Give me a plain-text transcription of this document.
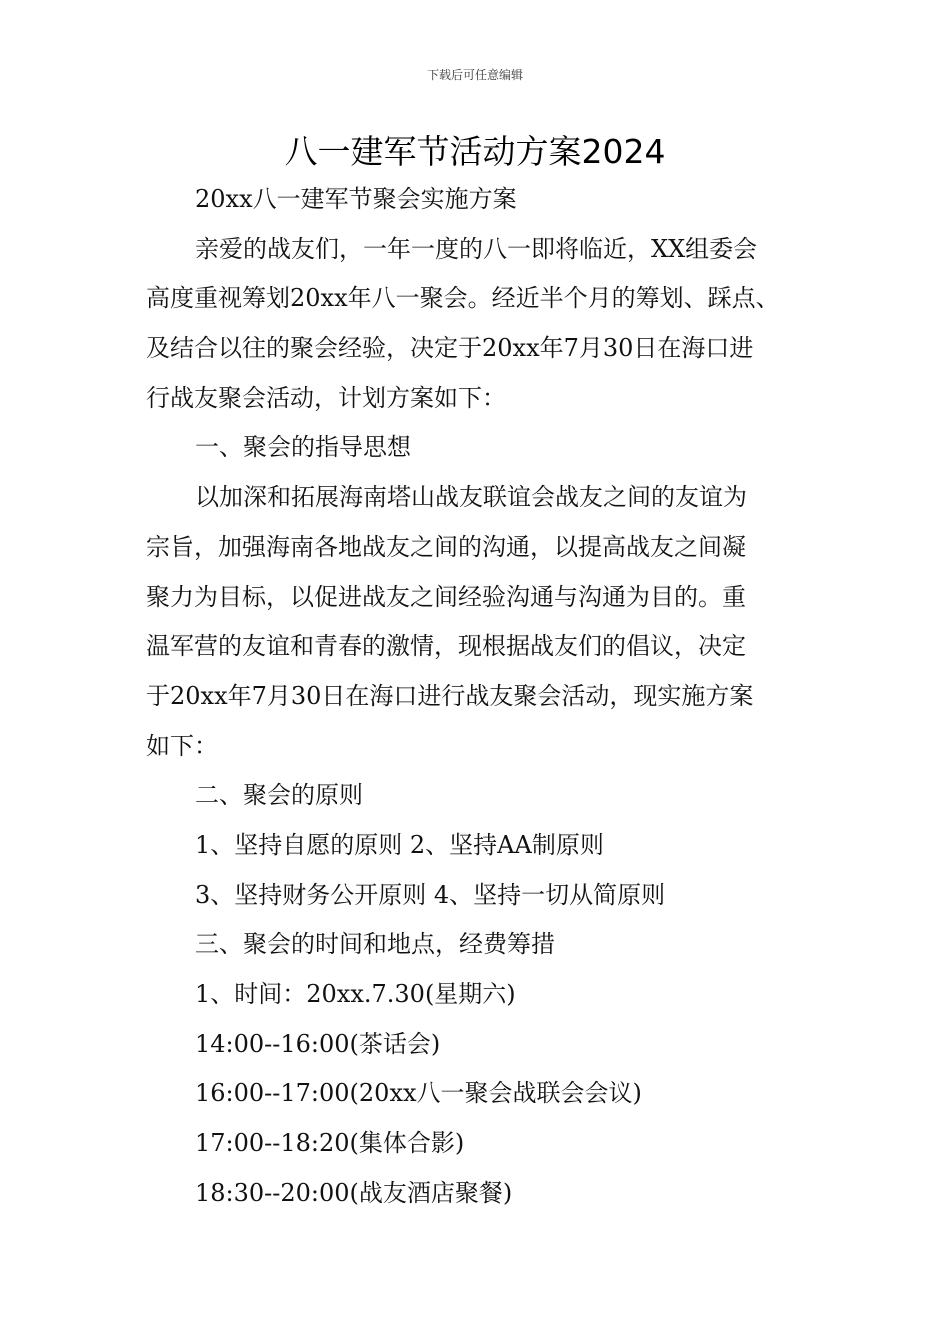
下载后可任意编辑
八一建军节活动方案2024
20xx八一建军节聚会实施方案
亲爱的战友们，一年一度的八一即将临近，XX组委会
高度重视筹划20xx年八一聚会。经近半个月的筹划、踩点、
及结合以往的聚会经验，决定于20xx年7月30日在海口进
行战友聚会活动，计划方案如下：
一、聚会的指导思想
以加深和拓展海南塔山战友联谊会战友之间的友谊为
宗旨，加强海南各地战友之间的沟通，以提高战友之间凝
聚力为目标，以促进战友之间经验沟通与沟通为目的。重
温军营的友谊和青春的激情，现根据战友们的倡议，决定
于20xx年7月30日在海口进行战友聚会活动，现实施方案
如下：
二、聚会的原则
1、坚持自愿的原则 2、坚持AA制原则
3、坚持财务公开原则 4、坚持一切从简原则
三、聚会的时间和地点，经费筹措
1、时间：20xx.7.30(星期六)
14:00--16:00(茶话会)
16:00--17:00(20xx八一聚会战联会会议)
17:00--18:20(集体合影)
18:30--20:00(战友酒店聚餐)
